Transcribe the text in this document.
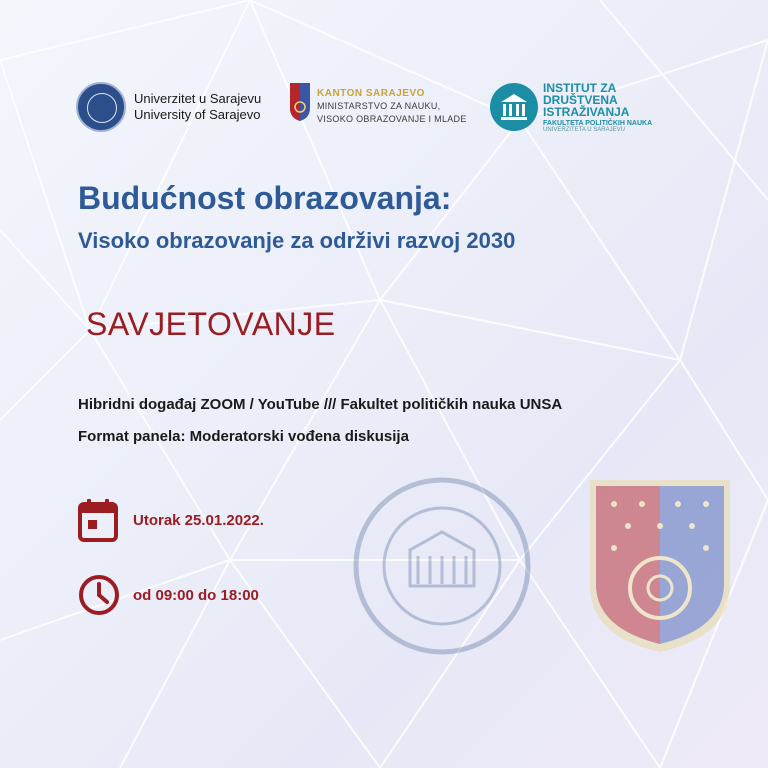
Univerzitet u Sarajevu
University of Sarajevo
KANTON SARAJEVO
MINISTARSTVO ZA NAUKU,
VISOKO OBRAZOVANJE I MLADE
INSTITUT ZA DRUŠTVENA ISTRAŽIVANJA
FAKULTETA POLITIČKIH NAUKA
UNIVERZITETA U SARAJEVU
Budućnost obrazovanja:
Visoko obrazovanje za održivi razvoj 2030
SAVJETOVANJE
Hibridni događaj ZOOM / YouTube /// Fakultet političkih nauka UNSA
Format panela: Moderatorski vođena diskusija
Utorak 25.01.2022.
od 09:00 do 18:00
